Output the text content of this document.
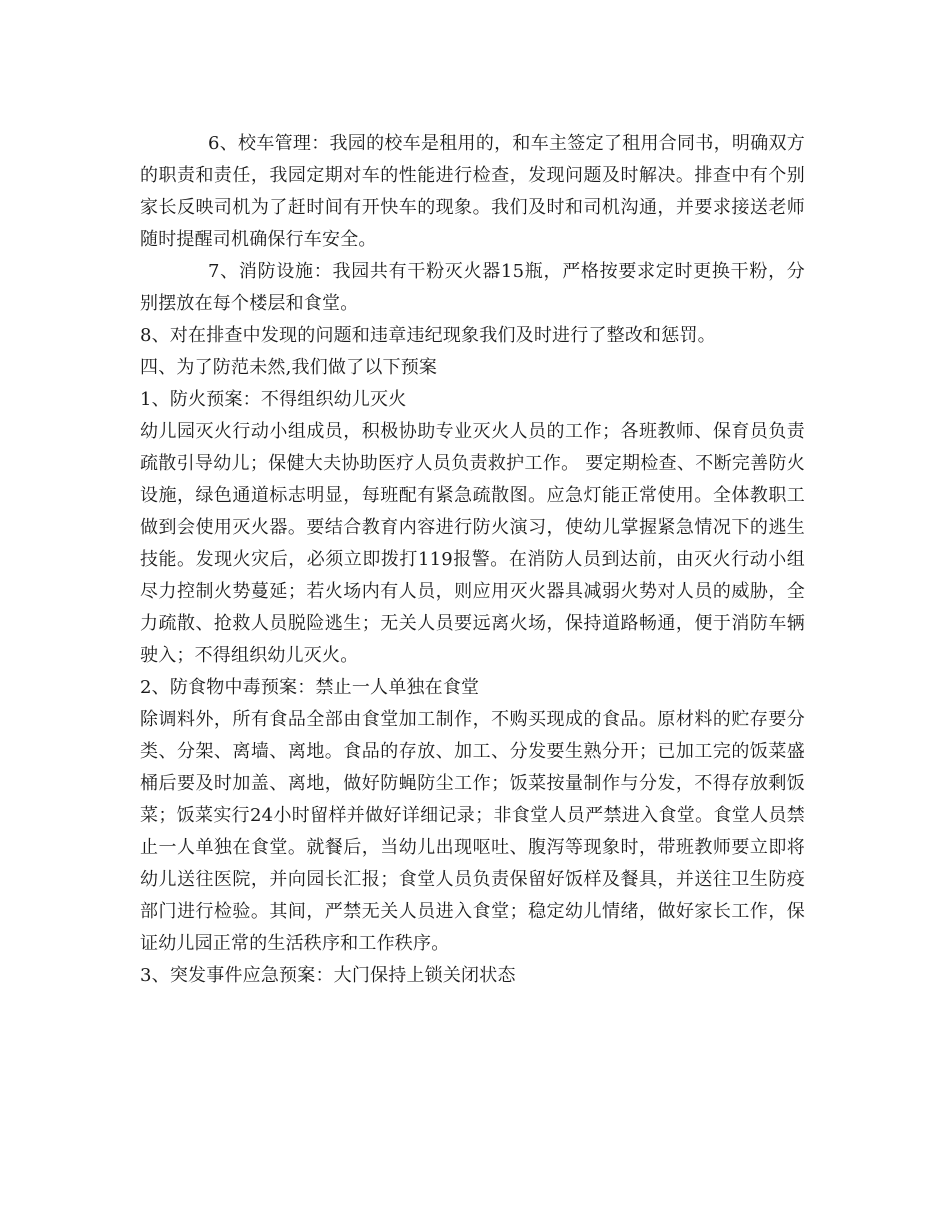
6、校车管理：我园的校车是租用的，和车主签定了租用合同书，明确双方的职责和责任，我园定期对车的性能进行检查，发现问题及时解决。排查中有个别家长反映司机为了赶时间有开快车的现象。我们及时和司机沟通，并要求接送老师随时提醒司机确保行车安全。

7、消防设施：我园共有干粉灭火器15瓶，严格按要求定时更换干粉，分别摆放在每个楼层和食堂。

8、对在排查中发现的问题和违章违纪现象我们及时进行了整改和惩罚。

四、为了防范未然,我们做了以下预案

1、防火预案：不得组织幼儿灭火

幼儿园灭火行动小组成员，积极协助专业灭火人员的工作；各班教师、保育员负责疏散引导幼儿；保健大夫协助医疗人员负责救护工作。 要定期检查、不断完善防火设施，绿色通道标志明显，每班配有紧急疏散图。应急灯能正常使用。全体教职工做到会使用灭火器。要结合教育内容进行防火演习，使幼儿掌握紧急情况下的逃生技能。发现火灾后，必须立即拨打119报警。在消防人员到达前，由灭火行动小组尽力控制火势蔓延；若火场内有人员，则应用灭火器具减弱火势对人员的威胁，全力疏散、抢救人员脱险逃生；无关人员要远离火场，保持道路畅通，便于消防车辆驶入；不得组织幼儿灭火。

2、防食物中毒预案：禁止一人单独在食堂

除调料外，所有食品全部由食堂加工制作，不购买现成的食品。原材料的贮存要分类、分架、离墙、离地。食品的存放、加工、分发要生熟分开；已加工完的饭菜盛桶后要及时加盖、离地，做好防蝇防尘工作；饭菜按量制作与分发，不得存放剩饭菜；饭菜实行24小时留样并做好详细记录；非食堂人员严禁进入食堂。食堂人员禁止一人单独在食堂。就餐后，当幼儿出现呕吐、腹泻等现象时，带班教师要立即将幼儿送往医院，并向园长汇报；食堂人员负责保留好饭样及餐具，并送往卫生防疫部门进行检验。其间，严禁无关人员进入食堂；稳定幼儿情绪，做好家长工作，保证幼儿园正常的生活秩序和工作秩序。

3、突发事件应急预案：大门保持上锁关闭状态
